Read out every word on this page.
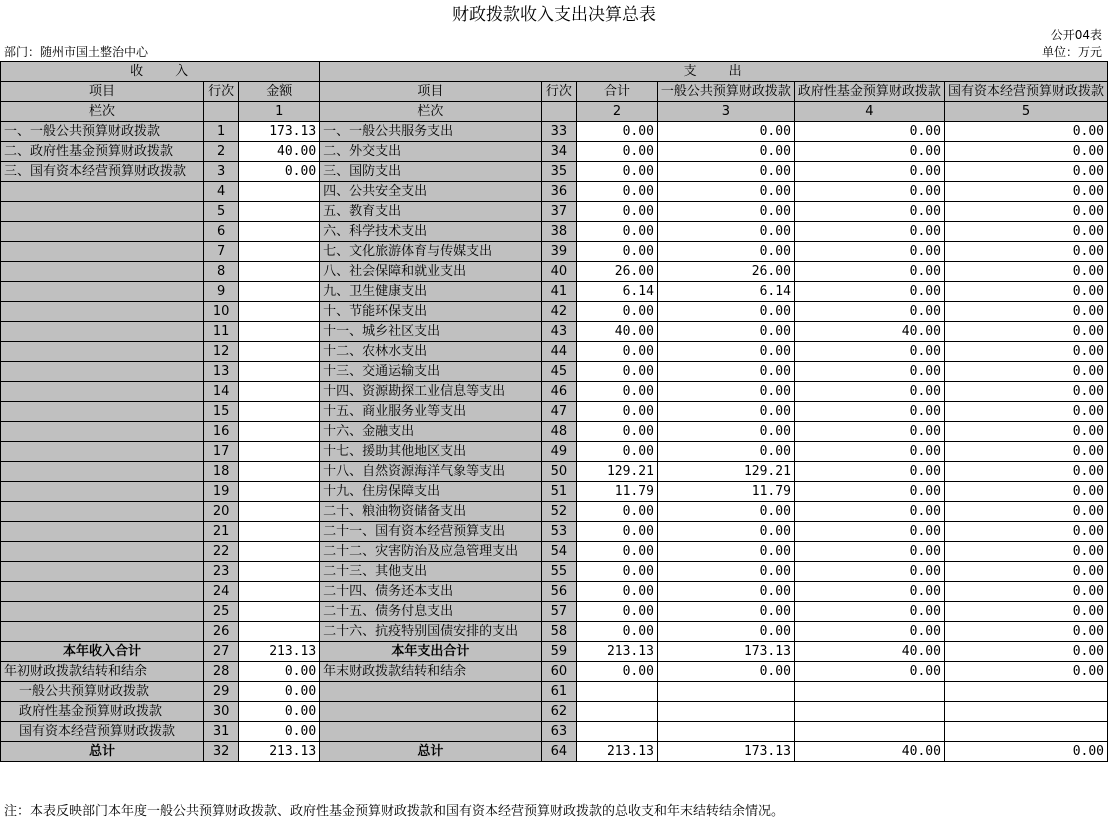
财政拨款收入支出决算总表
公开04表
部门：随州市国土整治中心	单位：万元
收　　入			支　　出					
项目	行次	金额	项目	行次	合计	一般公共预算财政拨款	政府性基金预算财政拨款	国有资本经营预算财政拨款
栏次		1	栏次		2	3	4	5
一、一般公共预算财政拨款	1	173.13	一、一般公共服务支出	33	0.00	0.00	0.00	0.00
二、政府性基金预算财政拨款	2	40.00	二、外交支出	34	0.00	0.00	0.00	0.00
三、国有资本经营预算财政拨款	3	0.00	三、国防支出	35	0.00	0.00	0.00	0.00
	4		四、公共安全支出	36	0.00	0.00	0.00	0.00
	5		五、教育支出	37	0.00	0.00	0.00	0.00
	6		六、科学技术支出	38	0.00	0.00	0.00	0.00
	7		七、文化旅游体育与传媒支出	39	0.00	0.00	0.00	0.00
	8		八、社会保障和就业支出	40	26.00	26.00	0.00	0.00
	9		九、卫生健康支出	41	6.14	6.14	0.00	0.00
	10		十、节能环保支出	42	0.00	0.00	0.00	0.00
	11		十一、城乡社区支出	43	40.00	0.00	40.00	0.00
	12		十二、农林水支出	44	0.00	0.00	0.00	0.00
	13		十三、交通运输支出	45	0.00	0.00	0.00	0.00
	14		十四、资源勘探工业信息等支出	46	0.00	0.00	0.00	0.00
	15		十五、商业服务业等支出	47	0.00	0.00	0.00	0.00
	16		十六、金融支出	48	0.00	0.00	0.00	0.00
	17		十七、援助其他地区支出	49	0.00	0.00	0.00	0.00
	18		十八、自然资源海洋气象等支出	50	129.21	129.21	0.00	0.00
	19		十九、住房保障支出	51	11.79	11.79	0.00	0.00
	20		二十、粮油物资储备支出	52	0.00	0.00	0.00	0.00
	21		二十一、国有资本经营预算支出	53	0.00	0.00	0.00	0.00
	22		二十二、灾害防治及应急管理支出	54	0.00	0.00	0.00	0.00
	23		二十三、其他支出	55	0.00	0.00	0.00	0.00
	24		二十四、债务还本支出	56	0.00	0.00	0.00	0.00
	25		二十五、债务付息支出	57	0.00	0.00	0.00	0.00
	26		二十六、抗疫特别国债安排的支出	58	0.00	0.00	0.00	0.00
本年收入合计	27	213.13	本年支出合计	59	213.13	173.13	40.00	0.00
年初财政拨款结转和结余	28	0.00	年末财政拨款结转和结余	60	0.00	0.00	0.00	0.00
一般公共预算财政拨款	29	0.00		61				
政府性基金预算财政拨款	30	0.00		62				
国有资本经营预算财政拨款	31	0.00		63				
总计	32	213.13	总计	64	213.13	173.13	40.00	0.00
注：本表反映部门本年度一般公共预算财政拨款、政府性基金预算财政拨款和国有资本经营预算财政拨款的总收支和年末结转结余情况。
